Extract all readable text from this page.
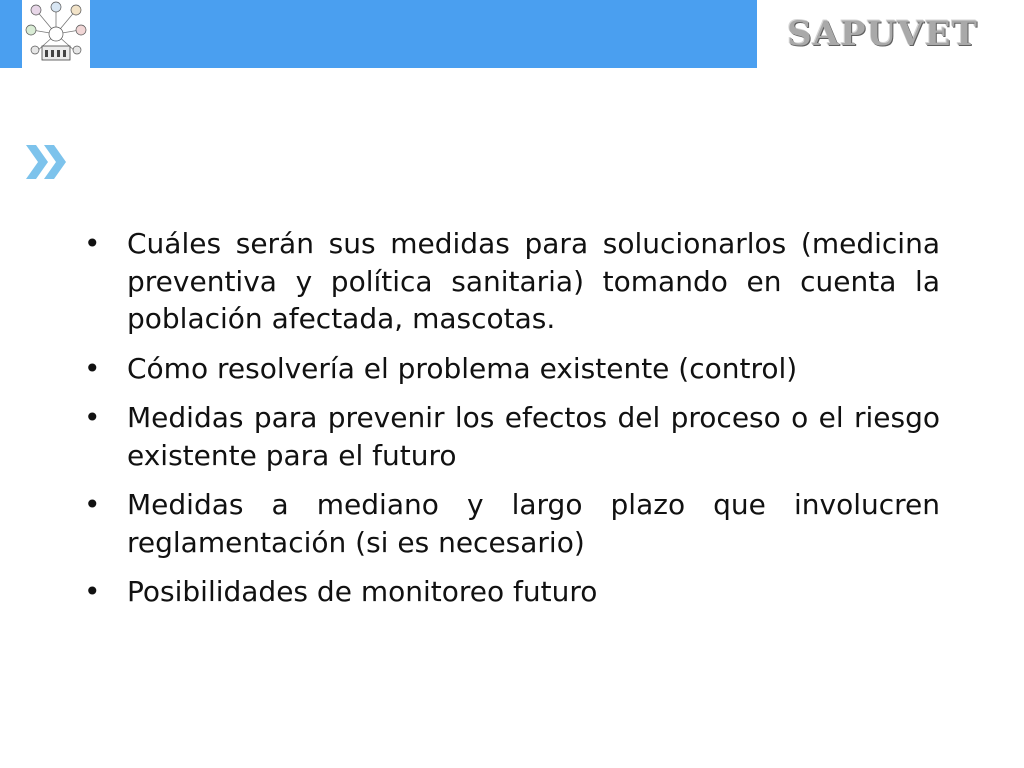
SAPUVET
• Cuáles serán sus medidas para solucionarlos (medicina preventiva y política sanitaria) tomando en cuenta la población afectada, mascotas.
• Cómo resolvería el problema existente (control)
• Medidas para prevenir los efectos del proceso o el riesgo existente para el futuro
• Medidas a mediano y largo plazo que involucren reglamentación (si es necesario)
• Posibilidades de monitoreo futuro
